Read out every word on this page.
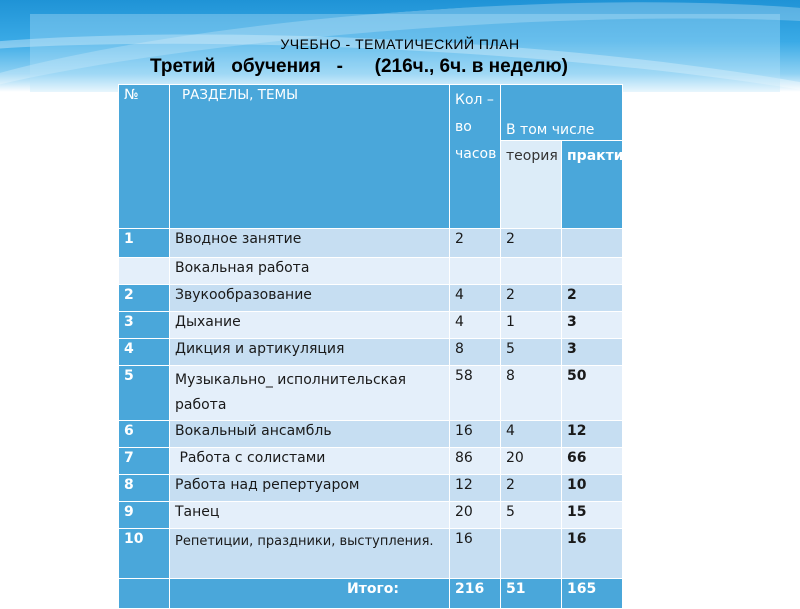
УЧЕБНО - ТЕМАТИЧЕСКИЙ ПЛАН
Третий   обучения   -      (216ч., 6ч. в неделю)
№	РАЗДЕЛЫ, ТЕМЫ	Кол – во часов	В том числе	
			теория	практика
1	Вводное занятие	2	2	
	Вокальная работа			
2	Звукообразование	4	2	2
3	Дыхание	4	1	3
4	Дикция и артикуляция	8	5	3
5	Музыкально_ исполнительская работа	58	8	50
6	Вокальный ансамбль	16	4	12
7	Работа с солистами	86	20	66
8	Работа над репертуаром	12	2	10
9	Танец	20	5	15
10	Репетиции, праздники, выступления.	16		16
	Итого:	216	51	165
